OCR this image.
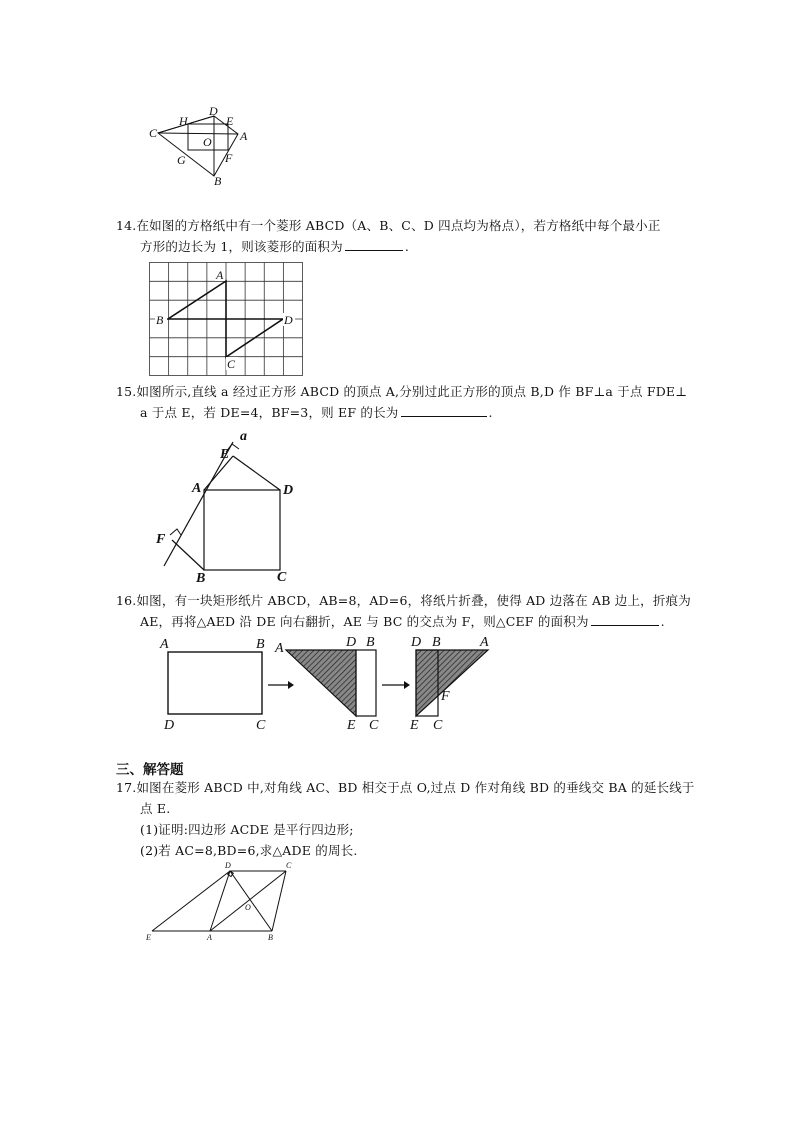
C
H
D
E
A
O
G	F
B
14.在如图的方格纸中有一个菱形 ABCD（A、B、C、D 四点均为格点），若方格纸中每个最小正
方形的边长为 1，则该菱形的面积为	.
A
B	D
C
15.如图所示,直线 a 经过正方形 ABCD 的顶点 A,分别过此正方形的顶点 B,D 作 BF⊥a 于点 FDE⊥
a 于点 E，若 DE=4，BF=3，则 EF 的长为	.
a
E
A	D
F
B	C
16.如图，有一块矩形纸片 ABCD，AB=8，AD=6，将纸片折叠，使得 AD 边落在 AB 边上，折痕为
AE，再将△AED 沿 DE 向右翻折，AE 与 BC 的交点为 F，则△CEF 的面积为	.
A	B
D	C
A	D B
E C
D B	A
F
E C
三、解答题
17.如图在菱形 ABCD 中,对角线 AC、BD 相交于点 O,过点 D 作对角线 BD 的垂线交 BA 的延长线于
点 E.
(1)证明:四边形 ACDE 是平行四边形;
(2)若 AC=8,BD=6,求△ADE 的周长.
D	C
O
E	A	B
